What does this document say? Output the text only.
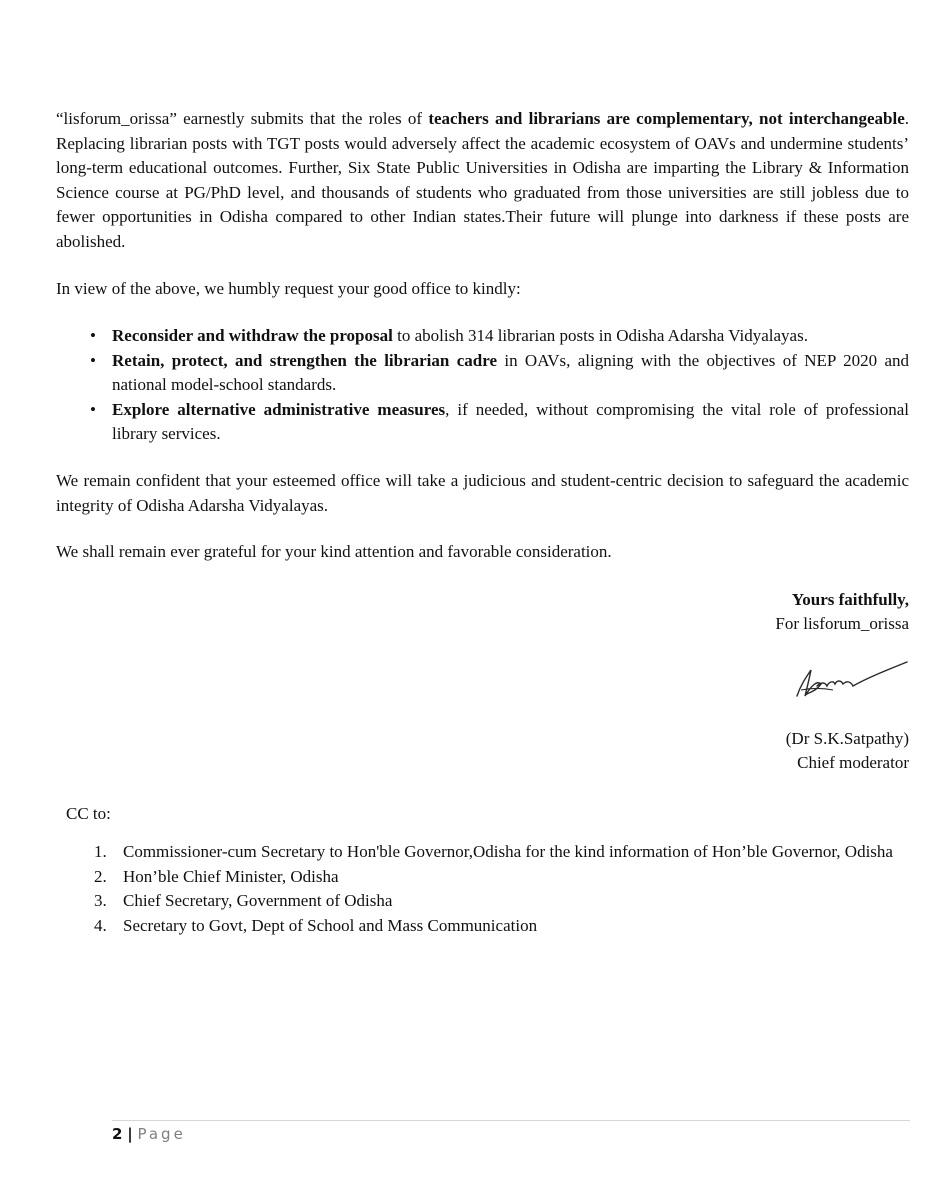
“lisforum_orissa” earnestly submits that the roles of teachers and librarians are complementary, not interchangeable. Replacing librarian posts with TGT posts would adversely affect the academic ecosystem of OAVs and undermine students’ long-term educational outcomes. Further, Six State Public Universities in Odisha are imparting the Library & Information Science course at PG/PhD level, and thousands of students who graduated from those universities are still jobless due to fewer opportunities in Odisha compared to other Indian states.Their future will plunge into darkness if these posts are abolished.

In view of the above, we humbly request your good office to kindly:

• Reconsider and withdraw the proposal to abolish 314 librarian posts in Odisha Adarsha Vidyalayas.
• Retain, protect, and strengthen the librarian cadre in OAVs, aligning with the objectives of NEP 2020 and national model-school standards.
• Explore alternative administrative measures, if needed, without compromising the vital role of professional library services.

We remain confident that your esteemed office will take a judicious and student-centric decision to safeguard the academic integrity of Odisha Adarsha Vidyalayas.

We shall remain ever grateful for your kind attention and favorable consideration.

Yours faithfully,
For lisforum_orissa
(Dr S.K.Satpathy)
Chief moderator
CC to:
1. Commissioner-cum Secretary to Hon'ble Governor,Odisha for the kind information of Hon’ble Governor, Odisha
2. Hon’ble Chief Minister, Odisha
3. Chief Secretary, Government of Odisha
4. Secretary to Govt, Dept of School and Mass Communication
2 | Page
